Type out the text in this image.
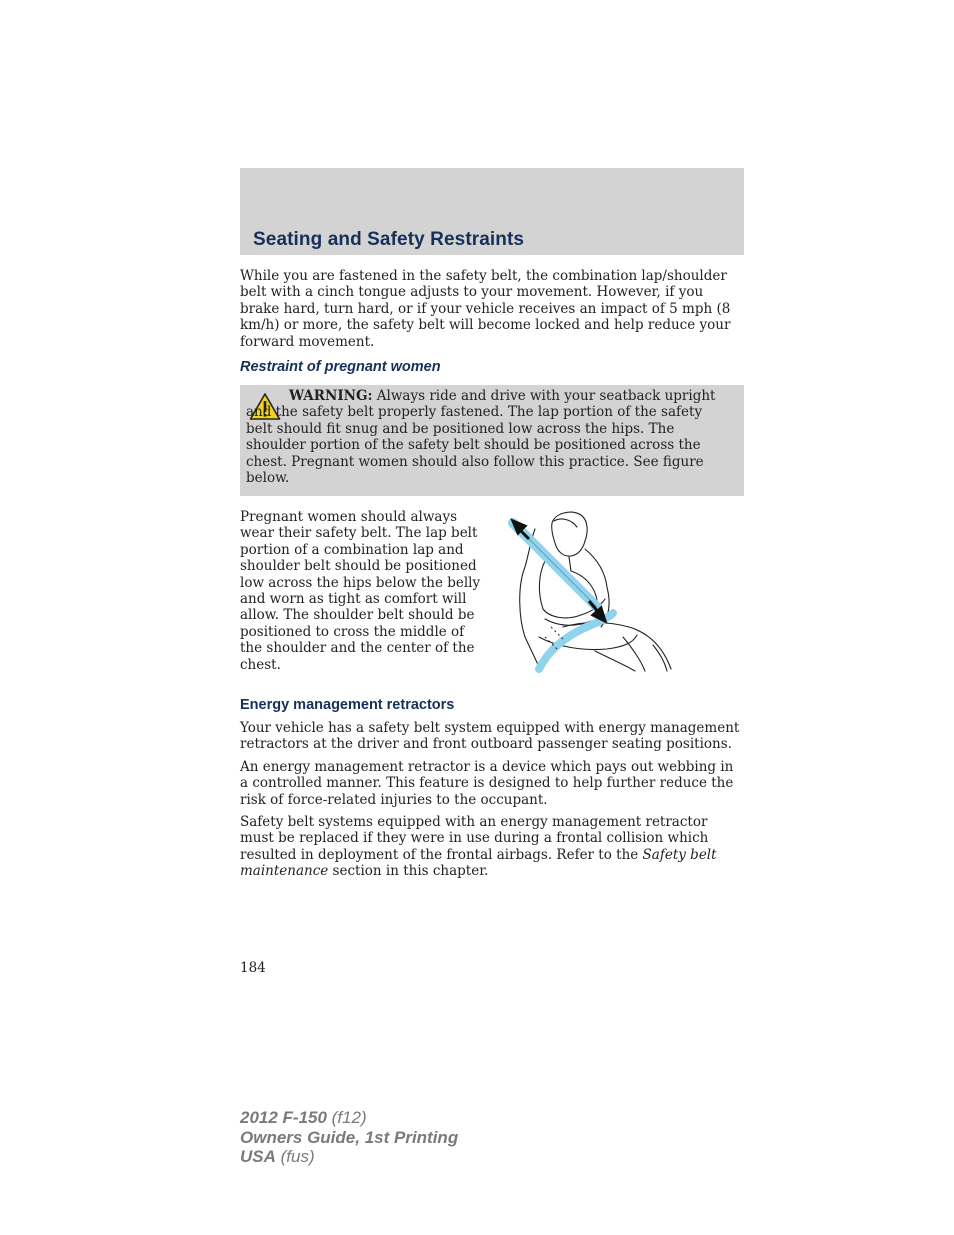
Seating and Safety Restraints

While you are fastened in the safety belt, the combination lap/shoulder belt with a cinch tongue adjusts to your movement. However, if you brake hard, turn hard, or if your vehicle receives an impact of 5 mph (8 km/h) or more, the safety belt will become locked and help reduce your forward movement.

Restraint of pregnant women

WARNING: Always ride and drive with your seatback upright and the safety belt properly fastened. The lap portion of the safety belt should fit snug and be positioned low across the hips. The shoulder portion of the safety belt should be positioned across the chest. Pregnant women should also follow this practice. See figure below.

Pregnant women should always wear their safety belt. The lap belt portion of a combination lap and shoulder belt should be positioned low across the hips below the belly and worn as tight as comfort will allow. The shoulder belt should be positioned to cross the middle of the shoulder and the center of the chest.

Energy management retractors

Your vehicle has a safety belt system equipped with energy management retractors at the driver and front outboard passenger seating positions.

An energy management retractor is a device which pays out webbing in a controlled manner. This feature is designed to help further reduce the risk of force-related injuries to the occupant.

Safety belt systems equipped with an energy management retractor must be replaced if they were in use during a frontal collision which resulted in deployment of the frontal airbags. Refer to the Safety belt maintenance section in this chapter.

184

2012 F-150 (f12)
Owners Guide, 1st Printing
USA (fus)
